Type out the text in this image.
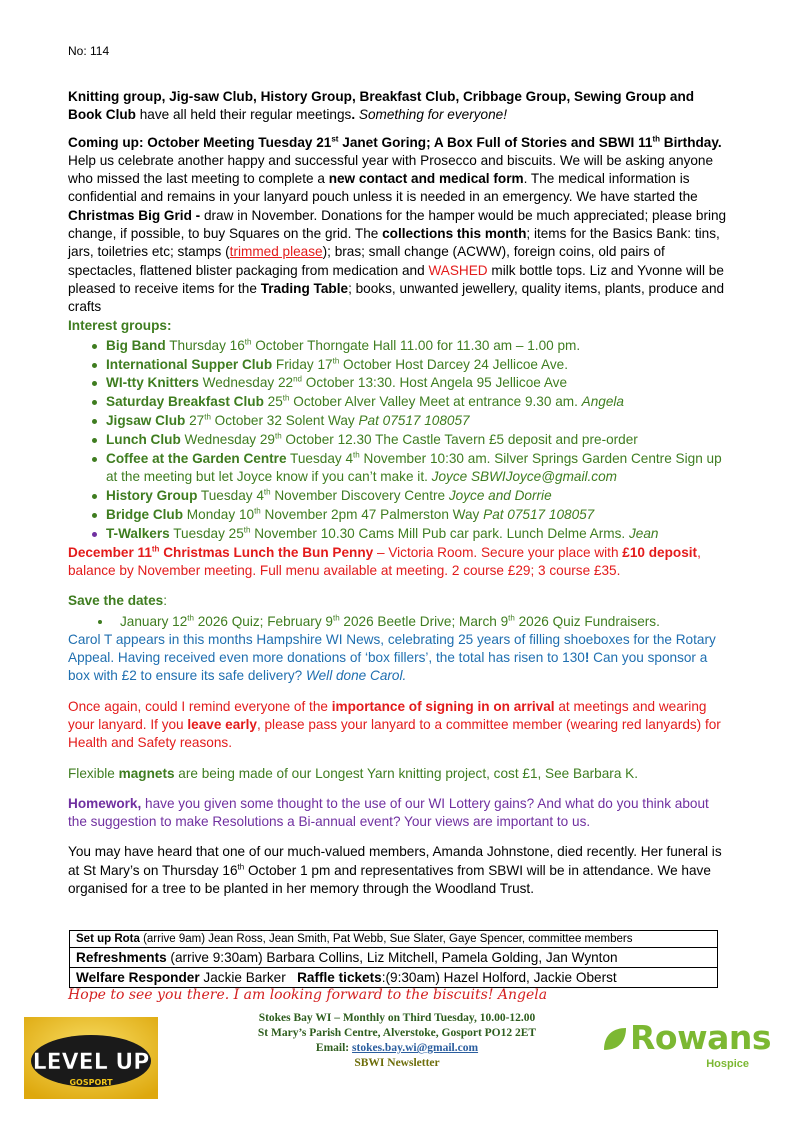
No: 114

Knitting group, Jig-saw Club, History Group, Breakfast Club, Cribbage Group, Sewing Group and Book Club have all held their regular meetings. Something for everyone!

Coming up: October Meeting Tuesday 21st Janet Goring; A Box Full of Stories and SBWI 11th Birthday. Help us celebrate another happy and successful year with Prosecco and biscuits. We will be asking anyone who missed the last meeting to complete a new contact and medical form. The medical information is confidential and remains in your lanyard pouch unless it is needed in an emergency. We have started the Christmas Big Grid - draw in November. Donations for the hamper would be much appreciated; please bring change, if possible, to buy Squares on the grid. The collections this month; items for the Basics Bank: tins, jars, toiletries etc; stamps (trimmed please); bras; small change (ACWW), foreign coins, old pairs of spectacles, flattened blister packaging from medication and WASHED milk bottle tops. Liz and Yvonne will be pleased to receive items for the Trading Table; books, unwanted jewellery, quality items, plants, produce and crafts

Interest groups:
Big Band Thursday 16th October Thorngate Hall 11.00 for 11.30 am – 1.00 pm.
International Supper Club Friday 17th October Host Darcey 24 Jellicoe Ave.
WI-tty Knitters Wednesday 22nd October 13:30. Host Angela 95 Jellicoe Ave
Saturday Breakfast Club 25th October Alver Valley Meet at entrance 9.30 am. Angela
Jigsaw Club 27th October 32 Solent Way Pat 07517 108057
Lunch Club Wednesday 29th October 12.30 The Castle Tavern £5 deposit and pre-order
Coffee at the Garden Centre Tuesday 4th November 10:30 am. Silver Springs Garden Centre Sign up at the meeting but let Joyce know if you can’t make it. Joyce SBWIJoyce@gmail.com
History Group Tuesday 4th November Discovery Centre Joyce and Dorrie
Bridge Club Monday 10th November 2pm 47 Palmerston Way Pat 07517 108057
T-Walkers Tuesday 25th November 10.30 Cams Mill Pub car park. Lunch Delme Arms. Jean

December 11th Christmas Lunch the Bun Penny – Victoria Room. Secure your place with £10 deposit, balance by November meeting. Full menu available at meeting. 2 course £29; 3 course £35.

Save the dates:
January 12th 2026 Quiz; February 9th 2026 Beetle Drive; March 9th 2026 Quiz Fundraisers.

Carol T appears in this months Hampshire WI News, celebrating 25 years of filling shoeboxes for the Rotary Appeal. Having received even more donations of ‘box fillers’, the total has risen to 130! Can you sponsor a box with £2 to ensure its safe delivery? Well done Carol.

Once again, could I remind everyone of the importance of signing in on arrival at meetings and wearing your lanyard. If you leave early, please pass your lanyard to a committee member (wearing red lanyards) for Health and Safety reasons.

Flexible magnets are being made of our Longest Yarn knitting project, cost £1, See Barbara K.

Homework, have you given some thought to the use of our WI Lottery gains? And what do you think about the suggestion to make Resolutions a Bi-annual event? Your views are important to us.

You may have heard that one of our much-valued members, Amanda Johnstone, died recently. Her funeral is at St Mary’s on Thursday 16th October 1 pm and representatives from SBWI will be in attendance. We have organised for a tree to be planted in her memory through the Woodland Trust.

Set up Rota (arrive 9am) Jean Ross, Jean Smith, Pat Webb, Sue Slater, Gaye Spencer, committee members
Refreshments (arrive 9:30am) Barbara Collins, Liz Mitchell, Pamela Golding, Jan Wynton
Welfare Responder Jackie Barker   Raffle tickets:(9:30am) Hazel Holford, Jackie Oberst
Hope to see you there. I am looking forward to the biscuits! Angela
LEVEL UP
GOSPORT
Stokes Bay WI – Monthly on Third Tuesday, 10.00-12.00
St Mary’s Parish Centre, Alverstoke, Gosport PO12 2ET
Email: stokes.bay.wi@gmail.com
SBWI Newsletter
Rowans
Hospice
